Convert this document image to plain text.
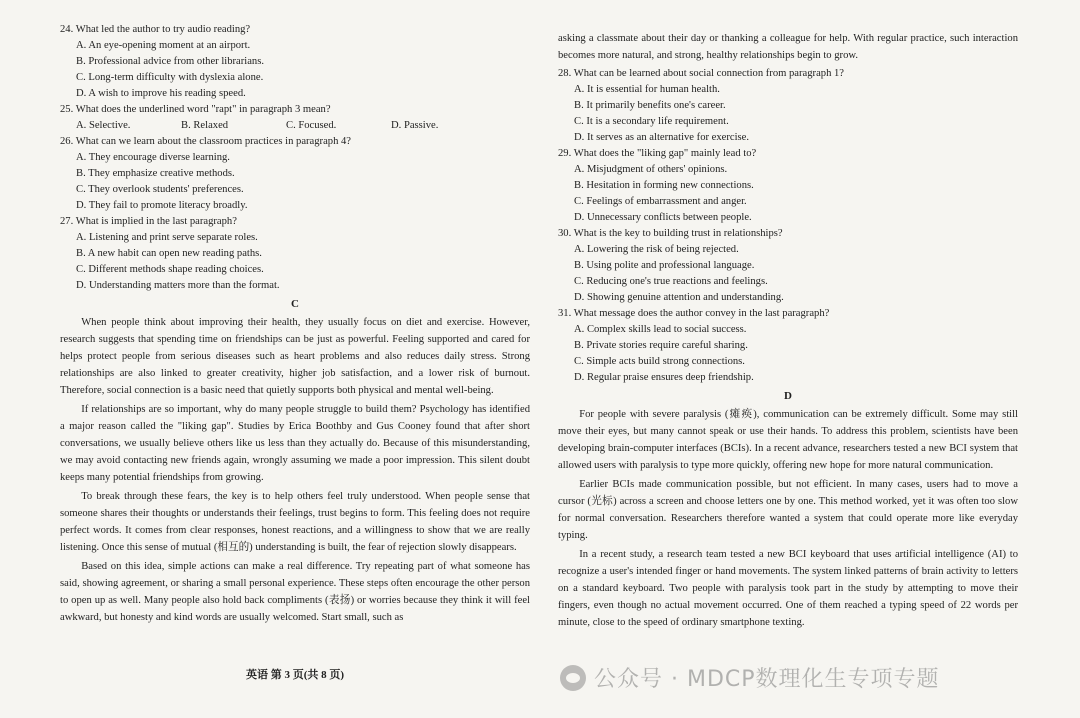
24. What led the author to try audio reading?

A. An eye-opening moment at an airport.

B. Professional advice from other librarians.

C. Long-term difficulty with dyslexia alone.

D. A wish to improve his reading speed.

25. What does the underlined word "rapt" in paragraph 3 mean?

A. Selective.	B. Relaxed	C. Focused.	D. Passive.

26. What can we learn about the classroom practices in paragraph 4?

A. They encourage diverse learning.

B. They emphasize creative methods.

C. They overlook students' preferences.

D. They fail to promote literacy broadly.

27. What is implied in the last paragraph?

A. Listening and print serve separate roles.

B. A new habit can open new reading paths.

C. Different methods shape reading choices.

D. Understanding matters more than the format.

C

When people think about improving their health, they usually focus on diet and exercise. However, research suggests that spending time on friendships can be just as powerful. Feeling supported and cared for helps protect people from serious diseases such as heart problems and also reduces daily stress. Strong relationships are also linked to greater creativity, higher job satisfaction, and a lower risk of burnout. Therefore, social connection is a basic need that quietly supports both physical and mental well-being.

If relationships are so important, why do many people struggle to build them? Psychology has identified a major reason called the "liking gap". Studies by Erica Boothby and Gus Cooney found that after short conversations, we usually believe others like us less than they actually do. Because of this misunderstanding, we may avoid contacting new friends again, wrongly assuming we made a poor impression. This silent doubt keeps many potential friendships from growing.

To break through these fears, the key is to help others feel truly understood. When people sense that someone shares their thoughts or understands their feelings, trust begins to form. This feeling does not require perfect words. It comes from clear responses, honest reactions, and a willingness to show that we are really listening. Once this sense of mutual (相互的) understanding is built, the fear of rejection slowly disappears.

Based on this idea, simple actions can make a real difference. Try repeating part of what someone has said, showing agreement, or sharing a small personal experience. These steps often encourage the other person to open up as well. Many people also hold back compliments (表扬) or worries because they think it will feel awkward, but honesty and kind words are usually welcomed. Start small, such as

英语 第 3 页(共 8 页)

asking a classmate about their day or thanking a colleague for help. With regular practice, such interaction becomes more natural, and strong, healthy relationships begin to grow.

28. What can be learned about social connection from paragraph 1?

A. It is essential for human health.

B. It primarily benefits one's career.

C. It is a secondary life requirement.

D. It serves as an alternative for exercise.

29. What does the "liking gap" mainly lead to?

A. Misjudgment of others' opinions.

B. Hesitation in forming new connections.

C. Feelings of embarrassment and anger.

D. Unnecessary conflicts between people.

30. What is the key to building trust in relationships?

A. Lowering the risk of being rejected.

B. Using polite and professional language.

C. Reducing one's true reactions and feelings.

D. Showing genuine attention and understanding.

31. What message does the author convey in the last paragraph?

A. Complex skills lead to social success.

B. Private stories require careful sharing.

C. Simple acts build strong connections.

D. Regular praise ensures deep friendship.

D

For people with severe paralysis (瘫痪), communication can be extremely difficult. Some may still move their eyes, but many cannot speak or use their hands. To address this problem, scientists have been developing brain-computer interfaces (BCIs). In a recent advance, researchers tested a new BCI system that allowed users with paralysis to type more quickly, offering new hope for more natural communication.

Earlier BCIs made communication possible, but not efficient. In many cases, users had to move a cursor (光标) across a screen and choose letters one by one. This method worked, yet it was often too slow for normal conversation. Researchers therefore wanted a system that could operate more like everyday typing.

In a recent study, a research team tested a new BCI keyboard that uses artificial intelligence (AI) to recognize a user's intended finger or hand movements. The system linked patterns of brain activity to letters on a standard keyboard. Two people with paralysis took part in the study by attempting to move their fingers, even though no actual movement occurred. One of them reached a typing speed of 22 words per minute, close to the speed of ordinary smartphone texting.

公众号 · MDCP数理化生专项专题
